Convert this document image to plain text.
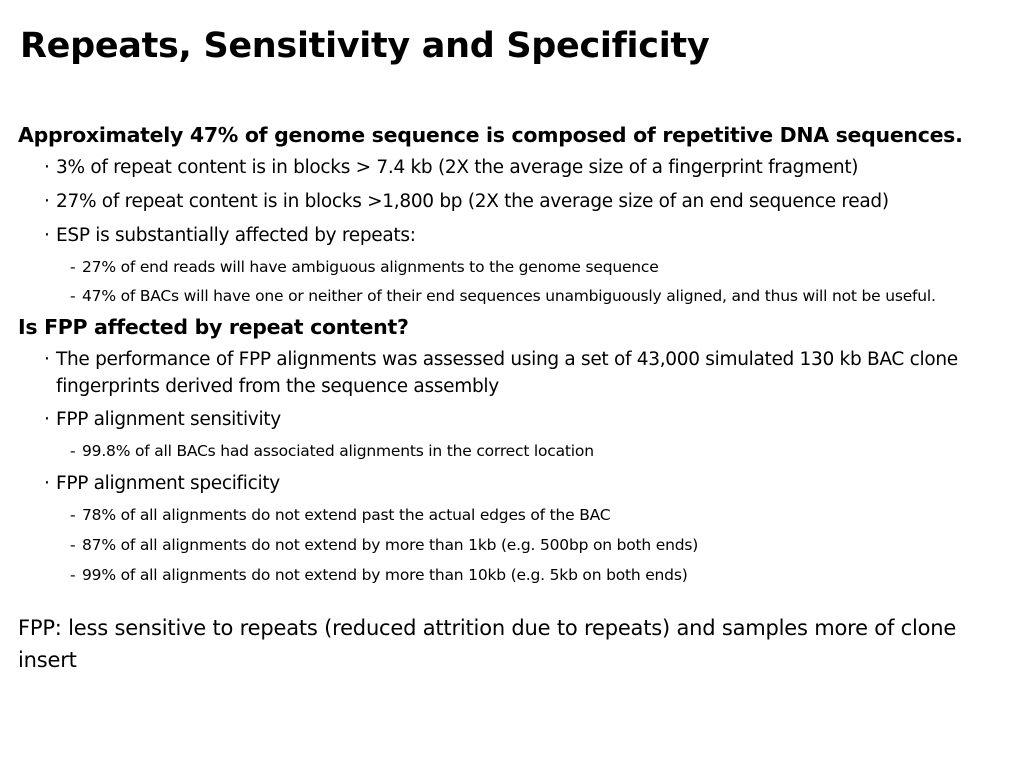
Repeats, Sensitivity and Specificity

Approximately 47% of genome sequence is composed of repetitive DNA sequences.

· 3% of repeat content is in blocks > 7.4 kb (2X the average size of a fingerprint fragment)

· 27% of repeat content is in blocks >1,800 bp (2X the average size of an end sequence read)

· ESP is substantially affected by repeats:

- 27% of end reads will have ambiguous alignments to the genome sequence

- 47% of BACs will have one or neither of their end sequences unambiguously aligned, and thus will not be useful.

Is FPP affected by repeat content?

· The performance of FPP alignments was assessed using a set of 43,000 simulated 130 kb BAC clone fingerprints derived from the sequence assembly

· FPP alignment sensitivity

- 99.8% of all BACs had associated alignments in the correct location

· FPP alignment specificity

- 78% of all alignments do not extend past the actual edges of the BAC

- 87% of all alignments do not extend by more than 1kb (e.g. 500bp on both ends)

- 99% of all alignments do not extend by more than 10kb (e.g. 5kb on both ends)

FPP: less sensitive to repeats (reduced attrition due to repeats) and samples more of clone insert
